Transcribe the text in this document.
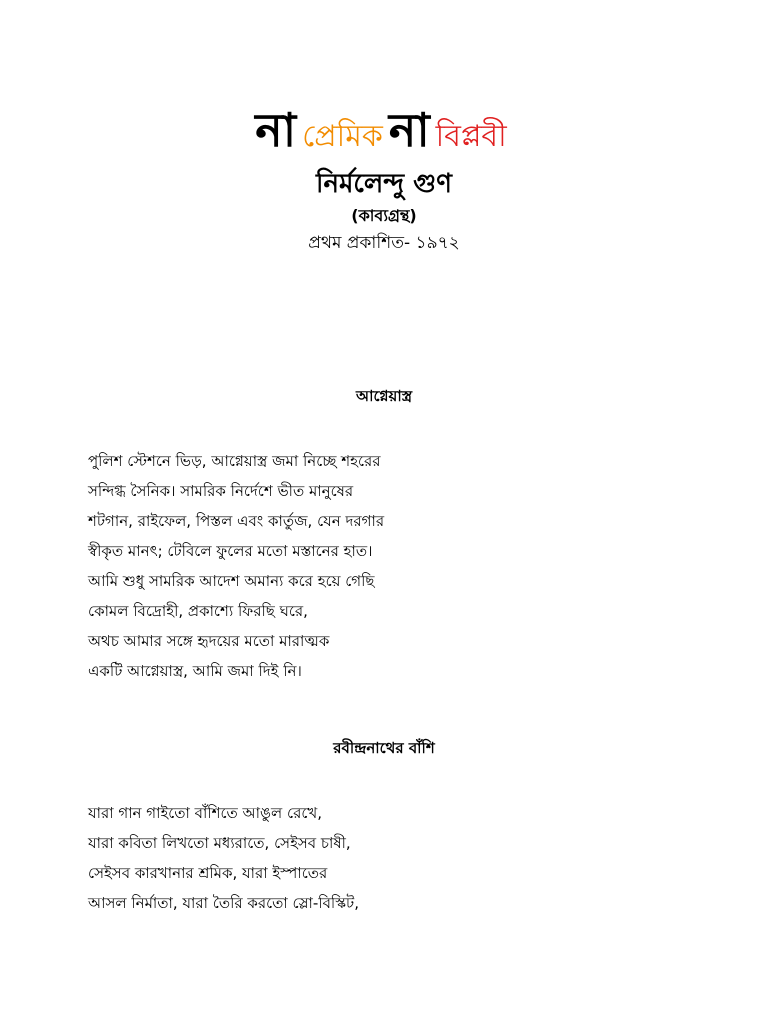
নাপ্রেমিক না বিপ্লবী
নির্মলেন্দু গুণ
(কাব্যগ্রন্থ)
প্রথম প্রকাশিত- ১৯৭২
আগ্নেয়াস্ত্র
পুলিশ স্টেশনে ভিড়, আগ্নেয়াস্ত্র জমা নিচ্ছে শহরের
সন্দিগ্ধ সৈনিক। সামরিক নির্দেশে ভীত মানুষের
শটগান, রাইফেল, পিস্তল এবং কার্তুজ, যেন দরগার
স্বীকৃত মানৎ; টেবিলে ফুলের মতো মস্তানের হাত।
আমি শুধু সামরিক আদেশ অমান্য করে হয়ে গেছি
কোমল বিদ্রোহী, প্রকাশ্যে ফিরছি ঘরে,
অথচ আমার সঙ্গে হৃদয়ের মতো মারাত্মক
একটি আগ্নেয়াস্ত্র, আমি জমা দিই নি।
রবীন্দ্রনাথের বাঁশি
যারা গান গাইতো বাঁশিতে আঙুল রেখে,
যারা কবিতা লিখতো মধ্যরাতে, সেইসব চাষী,
সেইসব কারখানার শ্রমিক, যারা ইস্পাতের
আসল নির্মাতা, যারা তৈরি করতো স্লো-বিস্কিট,
